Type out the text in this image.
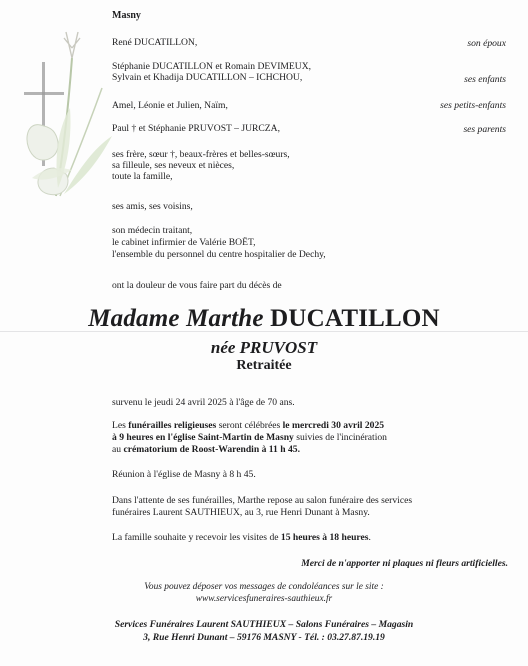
Masny
René DUCATILLON,	son époux
Stéphanie DUCATILLON et Romain DEVIMEUX,
Sylvain et Khadija DUCATILLON – ICHCHOU,	ses enfants
Amel, Léonie et Julien, Naïm,	ses petits-enfants
Paul † et Stéphanie PRUVOST – JURCZA,	ses parents
ses frère, sœur †, beaux-frères et belles-sœurs,
sa filleule, ses neveux et nièces,
toute la famille,
ses amis, ses voisins,
son médecin traitant,
le cabinet infirmier de Valérie BOËT,
l'ensemble du personnel du centre hospitalier de Dechy,
ont la douleur de vous faire part du décès de
Madame Marthe DUCATILLON
née PRUVOST
Retraitée
survenu le jeudi 24 avril 2025 à l'âge de 70 ans.
Les funérailles religieuses seront célébrées le mercredi 30 avril 2025
à 9 heures en l'église Saint-Martin de Masny suivies de l'incinération
au crématorium de Roost-Warendin à 11 h 45.
Réunion à l'église de Masny à 8 h 45.
Dans l'attente de ses funérailles, Marthe repose au salon funéraire des services
funéraires Laurent SAUTHIEUX, au 3, rue Henri Dunant à Masny.
La famille souhaite y recevoir les visites de 15 heures à 18 heures.
Merci de n'apporter ni plaques ni fleurs artificielles.
Vous pouvez déposer vos messages de condoléances sur le site :
www.servicesfuneraires-sauthieux.fr
Services Funéraires Laurent SAUTHIEUX – Salons Funéraires – Magasin
3, Rue Henri Dunant – 59176 MASNY - Tél. : 03.27.87.19.19
